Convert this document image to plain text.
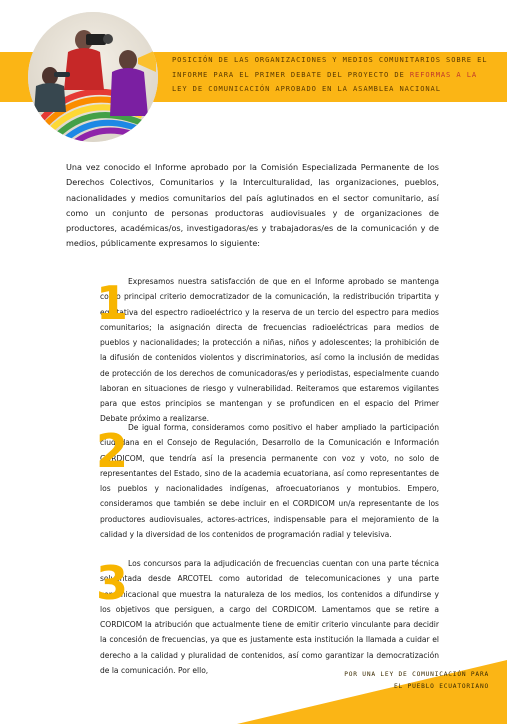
POSICIÓN DE LAS ORGANIZACIONES Y MEDIOS COMUNITARIOS SOBRE EL
INFORME PARA EL PRIMER DEBATE DEL PROYECTO DE REFORMAS A LA
LEY DE COMUNICACIÓN APROBADO EN LA ASAMBLEA NACIONAL

Una vez conocido el Informe aprobado por la Comisión Especializada Permanente de los Derechos Colectivos, Comunitarios y la Interculturalidad, las organizaciones, pueblos, nacionalidades y medios comunitarios del país aglutinados en el sector comunitario, así como un conjunto de personas productoras audiovisuales y de organizaciones de productores, académicas/os, investigadoras/es y trabajadoras/es de la comunicación y de medios, públicamente expresamos lo siguiente:

1 Expresamos nuestra satisfacción de que en el Informe aprobado se mantenga como principal criterio democratizador de la comunicación, la redistribución tripartita y equitativa del espectro radioeléctrico y la reserva de un tercio del espectro para medios comunitarios; la asignación directa de frecuencias radioeléctricas para medios de pueblos y nacionalidades; la protección a niñas, niños y adolescentes; la prohibición de la difusión de contenidos violentos y discriminatorios, así como la inclusión de medidas de protección de los derechos de comunicadoras/es y periodistas, especialmente cuando laboran en situaciones de riesgo y vulnerabilidad. Reiteramos que estaremos vigilantes para que estos principios se mantengan y se profundicen en el espacio del Primer Debate próximo a realizarse.

2 De igual forma, consideramos como positivo el haber ampliado la participación ciudadana en el Consejo de Regulación, Desarrollo de la Comunicación e Información CORDICOM, que tendría así la presencia permanente con voz y voto, no solo de representantes del Estado, sino de la academia ecuatoriana, así como representantes de los pueblos y nacionalidades indígenas, afroecuatorianos y montubios. Empero, consideramos que también se debe incluir en el CORDICOM un/a representante de los productores audiovisuales, actores-actrices, indispensable para el mejoramiento de la calidad y la diversidad de los contenidos de programación radial y televisiva.

3 Los concursos para la adjudicación de frecuencias cuentan con una parte técnica solventada desde ARCOTEL como autoridad de telecomunicaciones y una parte comunicacional que muestra la naturaleza de los medios, los contenidos a difundirse y los objetivos que persiguen, a cargo del CORDICOM. Lamentamos que se retire a CORDICOM la atribución que actualmente tiene de emitir criterio vinculante para decidir la concesión de frecuencias, ya que es justamente esta institución la llamada a cuidar el derecho a la calidad y pluralidad de contenidos, así como garantizar la democratización de la comunicación. Por ello,	POR UNA LEY DE COMUNICACIÓN PARA
EL PUEBLO ECUATORIANO
